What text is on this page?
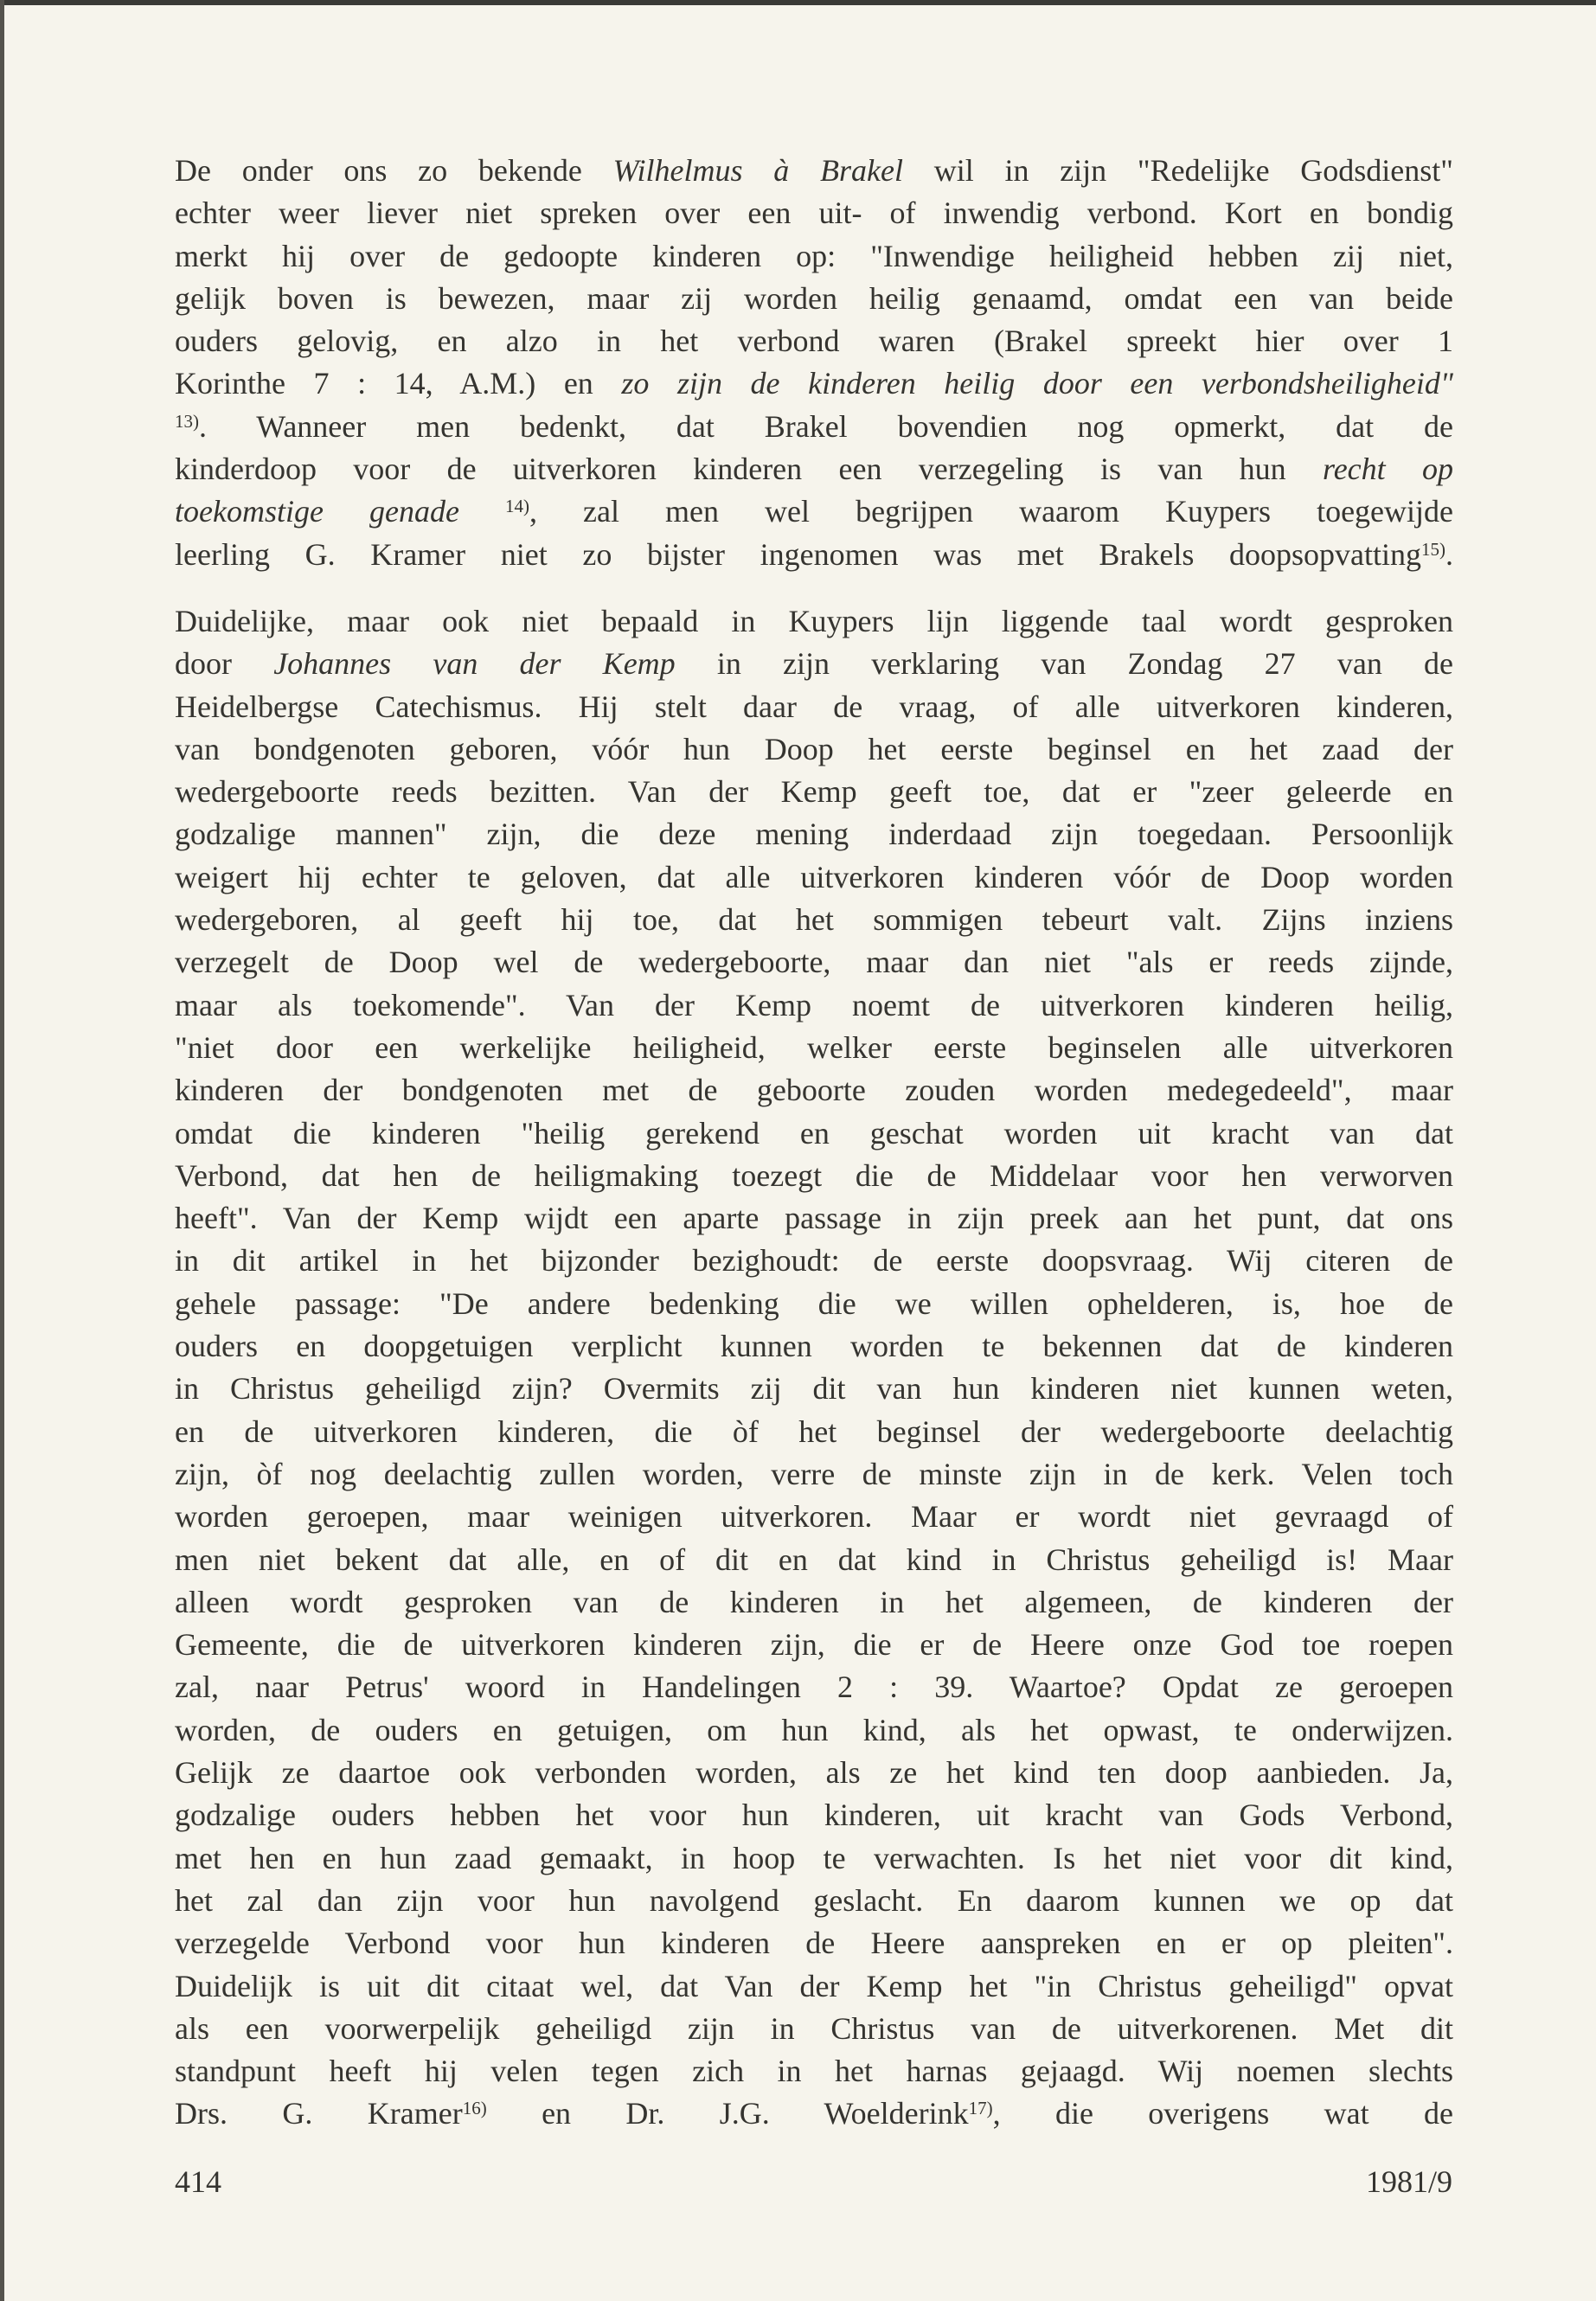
De onder ons zo bekende Wilhelmus à Brakel wil in zijn "Redelijke Godsdienst"
echter weer liever niet spreken over een uit- of inwendig verbond. Kort en bondig
merkt hij over de gedoopte kinderen op: "Inwendige heiligheid hebben zij niet,
gelijk boven is bewezen, maar zij worden heilig genaamd, omdat een van beide
ouders gelovig, en alzo in het verbond waren (Brakel spreekt hier over 1
Korinthe 7 : 14, A.M.) en zo zijn de kinderen heilig door een verbondsheiligheid"
$^{13)}$. Wanneer men bedenkt, dat Brakel bovendien nog opmerkt, dat de
kinderdoop voor de uitverkoren kinderen een verzegeling is van hun recht op
toekomstige genade	$^{14)}$, zal men wel begrijpen waarom Kuypers toegewijde
leerling G. Kramer niet zo bijster ingenomen was met Brakels doopsopvatting$^{15)}$.
Duidelijke, maar ook niet bepaald in Kuypers lijn liggende taal wordt gesproken
door Johannes van der Kemp in zijn verklaring van Zondag 27 van de
Heidelbergse Catechismus. Hij stelt daar de vraag, of alle uitverkoren kinderen,
van bondgenoten geboren, vóór hun Doop het eerste beginsel en het zaad der
wedergeboorte reeds bezitten. Van der Kemp geeft toe, dat er "zeer geleerde en
godzalige mannen" zijn, die deze mening inderdaad zijn toegedaan. Persoonlijk
weigert hij echter te geloven, dat alle uitverkoren kinderen vóór de Doop worden
wedergeboren, al geeft hij toe, dat het sommigen tebeurt valt. Zijns inziens
verzegelt de Doop wel de wedergeboorte, maar dan niet "als er reeds zijnde,
maar als toekomende". Van der Kemp noemt de uitverkoren kinderen heilig,
"niet door een werkelijke heiligheid, welker eerste beginselen alle uitverkoren
kinderen der bondgenoten met de geboorte zouden worden medegedeeld", maar
omdat die kinderen "heilig gerekend en geschat worden uit kracht van dat
Verbond, dat hen de heiligmaking toezegt die de Middelaar voor hen verworven
heeft". Van der Kemp wijdt een aparte passage in zijn preek aan het punt, dat ons
in dit artikel in het bijzonder bezighoudt: de eerste doopsvraag. Wij citeren de
gehele passage: "De andere bedenking die we willen ophelderen, is, hoe de
ouders en doopgetuigen verplicht kunnen worden te bekennen dat de kinderen
in Christus geheiligd zijn? Overmits zij dit van hun kinderen niet kunnen weten,
en de uitverkoren kinderen, die òf het beginsel der wedergeboorte deelachtig
zijn, òf nog deelachtig zullen worden, verre de minste zijn in de kerk. Velen toch
worden geroepen, maar weinigen uitverkoren. Maar er wordt niet gevraagd of
men niet bekent dat alle, en of dit en dat kind in Christus geheiligd is! Maar
alleen wordt gesproken van de kinderen in het algemeen, de kinderen der
Gemeente, die de uitverkoren kinderen zijn, die er de Heere onze God toe roepen
zal, naar Petrus' woord in Handelingen 2 : 39. Waartoe? Opdat ze geroepen
worden, de ouders en getuigen, om hun kind, als het opwast, te onderwijzen.
Gelijk ze daartoe ook verbonden worden, als ze het kind ten doop aanbieden. Ja,
godzalige ouders hebben het voor hun kinderen, uit kracht van Gods Verbond,
met hen en hun zaad gemaakt, in hoop te verwachten. Is het niet voor dit kind,
het zal dan zijn voor hun navolgend geslacht. En daarom kunnen we op dat
verzegelde Verbond voor hun kinderen de Heere aanspreken en er op pleiten".
Duidelijk is uit dit citaat wel, dat Van der Kemp het "in Christus geheiligd" opvat
als een voorwerpelijk geheiligd zijn in Christus van de uitverkorenen. Met dit
standpunt heeft hij velen tegen zich in het harnas gejaagd. Wij noemen slechts
Drs. G. Kramer$^{16)}$ en Dr. J.G. Woelderink$^{17)}$, die overigens wat de
414	1981/9
